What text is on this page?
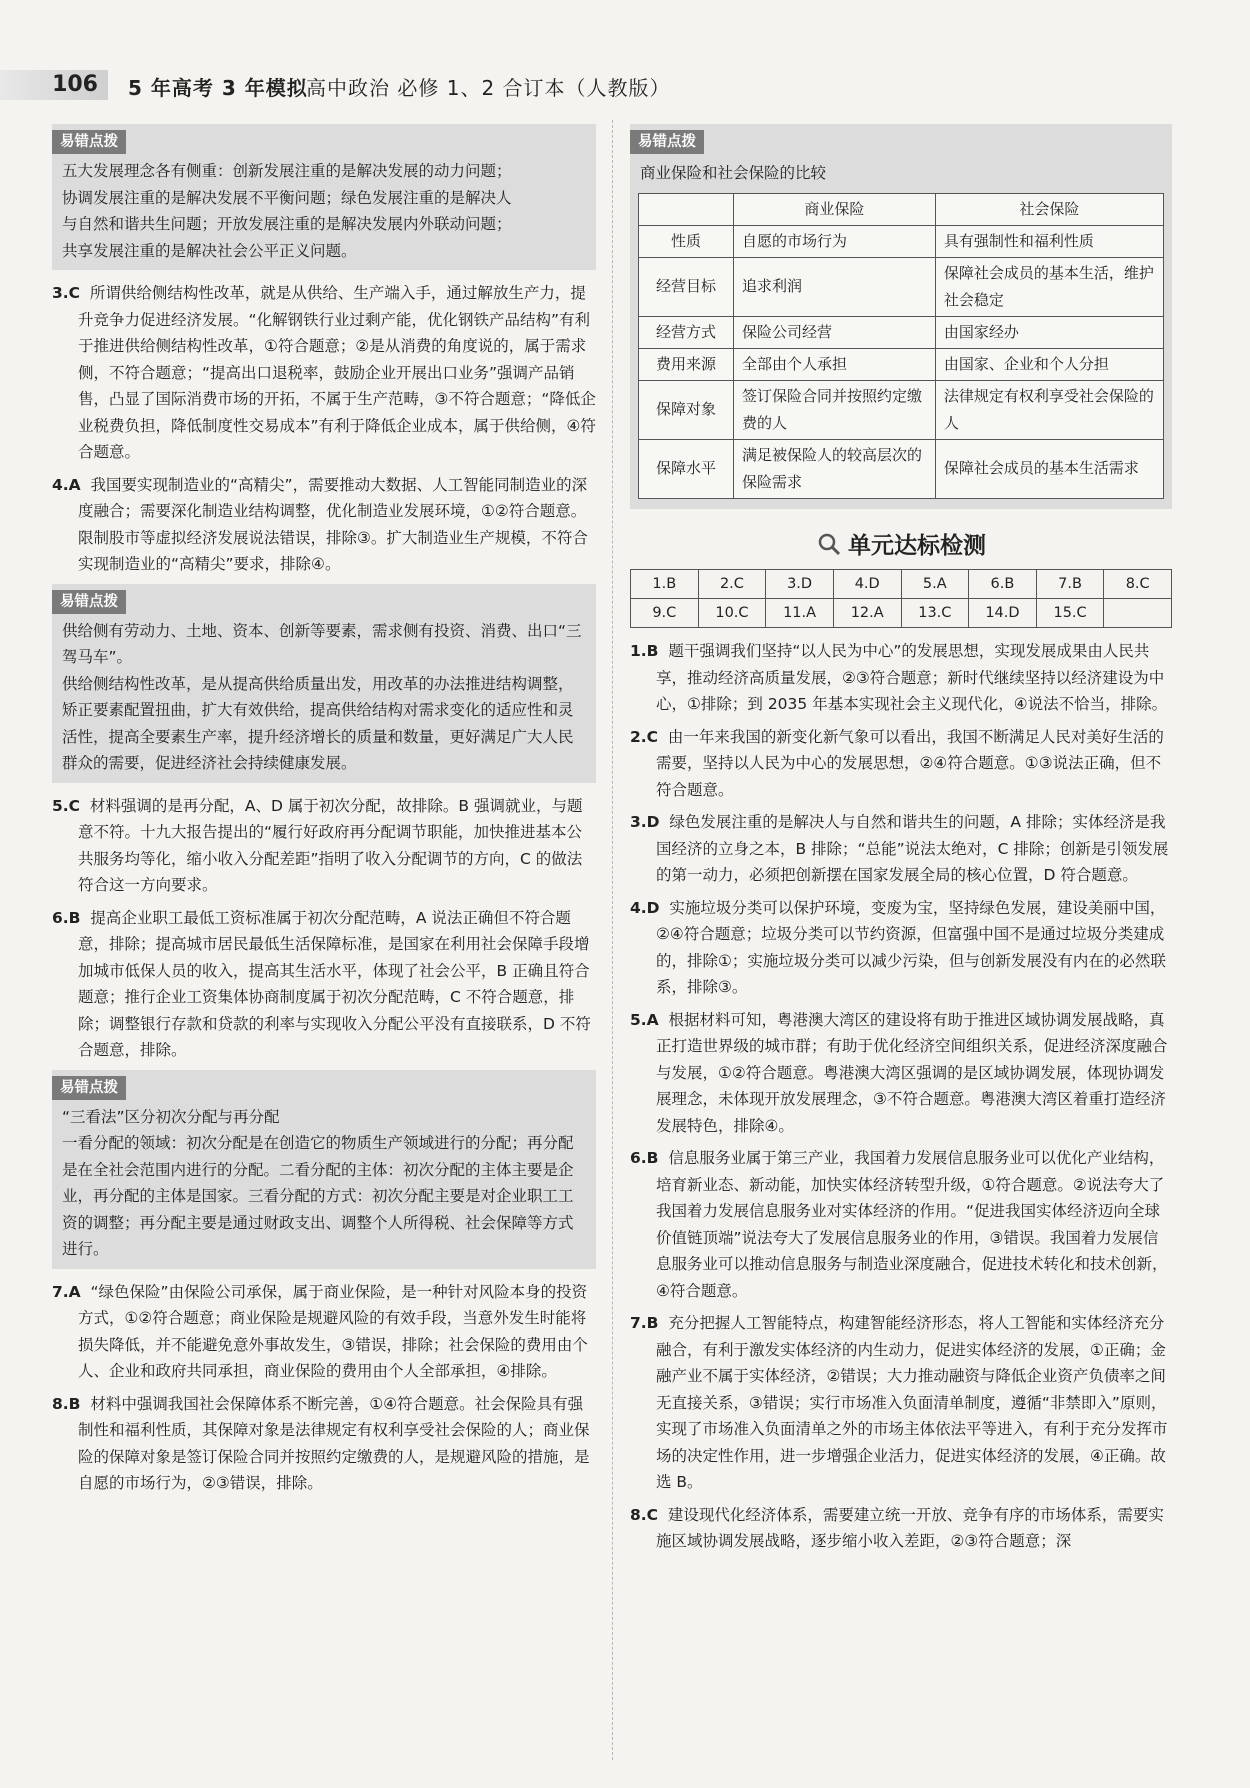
106	5 年高考 3 年模拟
高中政治 必修 1、2 合订本（人教版）
易错点拨

五大发展理念各有侧重：创新发展注重的是解决发展的动力问题；

协调发展注重的是解决发展不平衡问题；绿色发展注重的是解决人

与自然和谐共生问题；开放发展注重的是解决发展内外联动问题；

共享发展注重的是解决社会公平正义问题。

3.C 所谓供给侧结构性改革，就是从供给、生产端入手，通过解放生产力，提升竞争力促进经济发展。“化解钢铁行业过剩产能，优化钢铁产品结构”有利于推进供给侧结构性改革，①符合题意；②是从消费的角度说的，属于需求侧，不符合题意；“提高出口退税率，鼓励企业开展出口业务”强调产品销售，凸显了国际消费市场的开拓，不属于生产范畴，③不符合题意；“降低企业税费负担，降低制度性交易成本”有利于降低企业成本，属于供给侧，④符合题意。

4.A 我国要实现制造业的“高精尖”，需要推动大数据、人工智能同制造业的深度融合；需要深化制造业结构调整，优化制造业发展环境，①②符合题意。限制股市等虚拟经济发展说法错误，排除③。扩大制造业生产规模，不符合实现制造业的“高精尖”要求，排除④。

易错点拨

供给侧有劳动力、土地、资本、创新等要素，需求侧有投资、消费、出口“三驾马车”。

供给侧结构性改革，是从提高供给质量出发，用改革的办法推进结构调整，矫正要素配置扭曲，扩大有效供给，提高供给结构对需求变化的适应性和灵活性，提高全要素生产率，提升经济增长的质量和数量，更好满足广大人民群众的需要，促进经济社会持续健康发展。

5.C 材料强调的是再分配，A、D 属于初次分配，故排除。B 强调就业，与题意不符。十九大报告提出的“履行好政府再分配调节职能，加快推进基本公共服务均等化，缩小收入分配差距”指明了收入分配调节的方向，C 的做法符合这一方向要求。

6.B 提高企业职工最低工资标准属于初次分配范畴，A 说法正确但不符合题意，排除；提高城市居民最低生活保障标准，是国家在利用社会保障手段增加城市低保人员的收入，提高其生活水平，体现了社会公平，B 正确且符合题意；推行企业工资集体协商制度属于初次分配范畴，C 不符合题意，排除；调整银行存款和贷款的利率与实现收入分配公平没有直接联系，D 不符合题意，排除。

易错点拨

“三看法”区分初次分配与再分配

一看分配的领域：初次分配是在创造它的物质生产领域进行的分配；再分配是在全社会范围内进行的分配。二看分配的主体：初次分配的主体主要是企业，再分配的主体是国家。三看分配的方式：初次分配主要是对企业职工工资的调整；再分配主要是通过财政支出、调整个人所得税、社会保障等方式进行。

7.A “绿色保险”由保险公司承保，属于商业保险，是一种针对风险本身的投资方式，①②符合题意；商业保险是规避风险的有效手段，当意外发生时能将损失降低，并不能避免意外事故发生，③错误，排除；社会保险的费用由个人、企业和政府共同承担，商业保险的费用由个人全部承担，④排除。

8.B 材料中强调我国社会保障体系不断完善，①④符合题意。社会保险具有强制性和福利性质，其保障对象是法律规定有权利享受社会保险的人；商业保险的保障对象是签订保险合同并按照约定缴费的人，是规避风险的措施，是自愿的市场行为，②③错误，排除。

易错点拨
商业保险和社会保险的比较
	商业保险	社会保险
性质	自愿的市场行为	具有强制性和福利性质
经营目标	追求利润	保障社会成员的基本生活，维护社会稳定
经营方式	保险公司经营	由国家经办
费用来源	全部由个人承担	由国家、企业和个人分担
保障对象	签订保险合同并按照约定缴费的人	法律规定有权利享受社会保险的人
保障水平	满足被保险人的较高层次的保险需求	保障社会成员的基本生活需求
单元达标检测
1.B	2.C	3.D	4.D	5.A	6.B	7.B	8.C
9.C	10.C	11.A	12.A	13.C	14.D	15.C	

1.B 题干强调我们坚持“以人民为中心”的发展思想，实现发展成果由人民共享，推动经济高质量发展，②③符合题意；新时代继续坚持以经济建设为中心，①排除；到 2035 年基本实现社会主义现代化，④说法不恰当，排除。

2.C 由一年来我国的新变化新气象可以看出，我国不断满足人民对美好生活的需要，坚持以人民为中心的发展思想，②④符合题意。①③说法正确，但不符合题意。

3.D 绿色发展注重的是解决人与自然和谐共生的问题，A 排除；实体经济是我国经济的立身之本，B 排除；“总能”说法太绝对，C 排除；创新是引领发展的第一动力，必须把创新摆在国家发展全局的核心位置，D 符合题意。

4.D 实施垃圾分类可以保护环境，变废为宝，坚持绿色发展，建设美丽中国，②④符合题意；垃圾分类可以节约资源，但富强中国不是通过垃圾分类建成的，排除①；实施垃圾分类可以减少污染，但与创新发展没有内在的必然联系，排除③。

5.A 根据材料可知，粤港澳大湾区的建设将有助于推进区域协调发展战略，真正打造世界级的城市群；有助于优化经济空间组织关系，促进经济深度融合与发展，①②符合题意。粤港澳大湾区强调的是区域协调发展，体现协调发展理念，未体现开放发展理念，③不符合题意。粤港澳大湾区着重打造经济发展特色，排除④。

6.B 信息服务业属于第三产业，我国着力发展信息服务业可以优化产业结构，培育新业态、新动能，加快实体经济转型升级，①符合题意。②说法夸大了我国着力发展信息服务业对实体经济的作用。“促进我国实体经济迈向全球价值链顶端”说法夸大了发展信息服务业的作用，③错误。我国着力发展信息服务业可以推动信息服务与制造业深度融合，促进技术转化和技术创新，④符合题意。

7.B 充分把握人工智能特点，构建智能经济形态，将人工智能和实体经济充分融合，有利于激发实体经济的内生动力，促进实体经济的发展，①正确；金融产业不属于实体经济，②错误；大力推动融资与降低企业资产负债率之间无直接关系，③错误；实行市场准入负面清单制度，遵循“非禁即入”原则，实现了市场准入负面清单之外的市场主体依法平等进入，有利于充分发挥市场的决定性作用，进一步增强企业活力，促进实体经济的发展，④正确。故选 B。

8.C 建设现代化经济体系，需要建立统一开放、竞争有序的市场体系，需要实施区域协调发展战略，逐步缩小收入差距，②③符合题意；深
